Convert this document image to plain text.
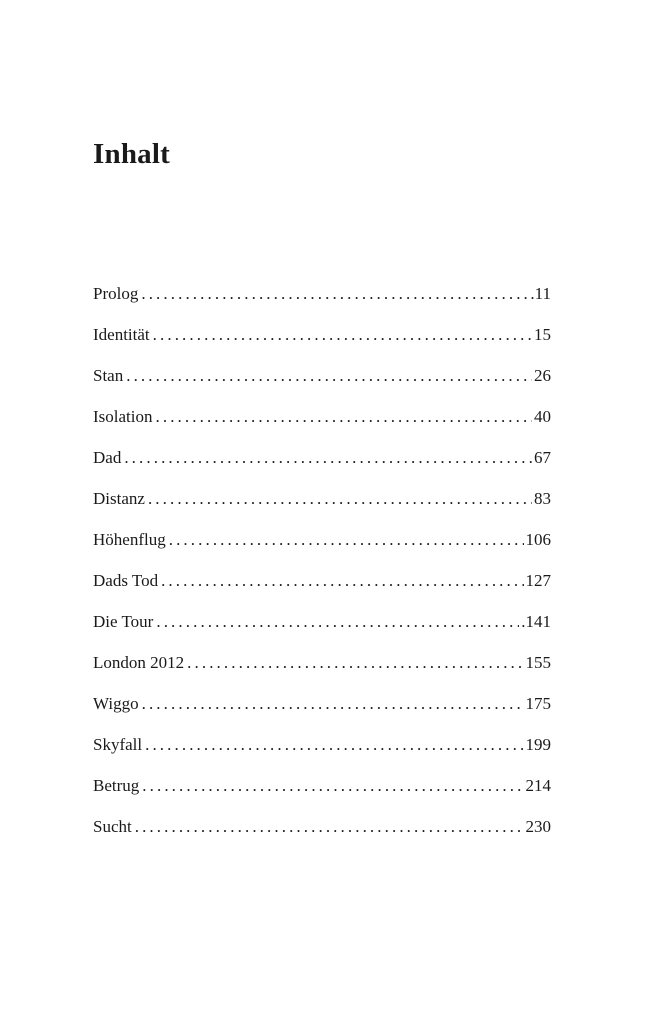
Inhalt
Prolog .....	.11
Identität .....	15
Stan .....	26
Isolation .....	40
Dad .....	67
Distanz .....	83
Höhenflug .....	106
Dads Tod .....	127
Die Tour .....	.141
London 2012 .....	155
Wiggo .....	175
Skyfall .....	199
Betrug .....	214
Sucht .....	230
